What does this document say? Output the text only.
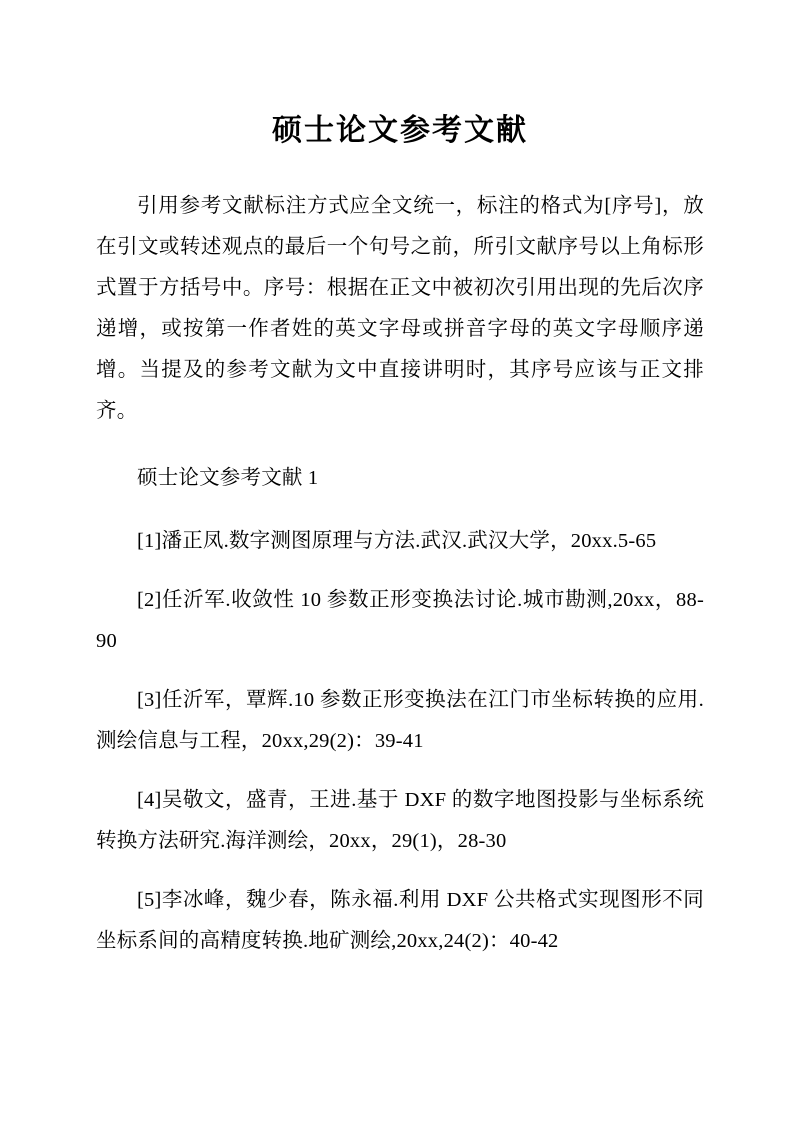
硕士论文参考文献

引用参考文献标注方式应全文统一，标注的格式为[序号]，放在引文或转述观点的最后一个句号之前，所引文献序号以上角标形式置于方括号中。序号：根据在正文中被初次引用出现的先后次序递增，或按第一作者姓的英文字母或拼音字母的英文字母顺序递增。当提及的参考文献为文中直接讲明时，其序号应该与正文排齐。

硕士论文参考文献 1

[1]潘正凤.数字测图原理与方法.武汉.武汉大学，20xx.5-65

[2]任沂军.收敛性 10 参数正形变换法讨论.城市勘测,20xx，88-90

[3]任沂军，覃辉.10 参数正形变换法在江门市坐标转换的应用.测绘信息与工程，20xx,29(2)：39-41

[4]吴敬文，盛青，王进.基于 DXF 的数字地图投影与坐标系统转换方法研究.海洋测绘，20xx，29(1)，28-30

[5]李冰峰，魏少春，陈永福.利用 DXF 公共格式实现图形不同坐标系间的高精度转换.地矿测绘,20xx,24(2)：40-42
